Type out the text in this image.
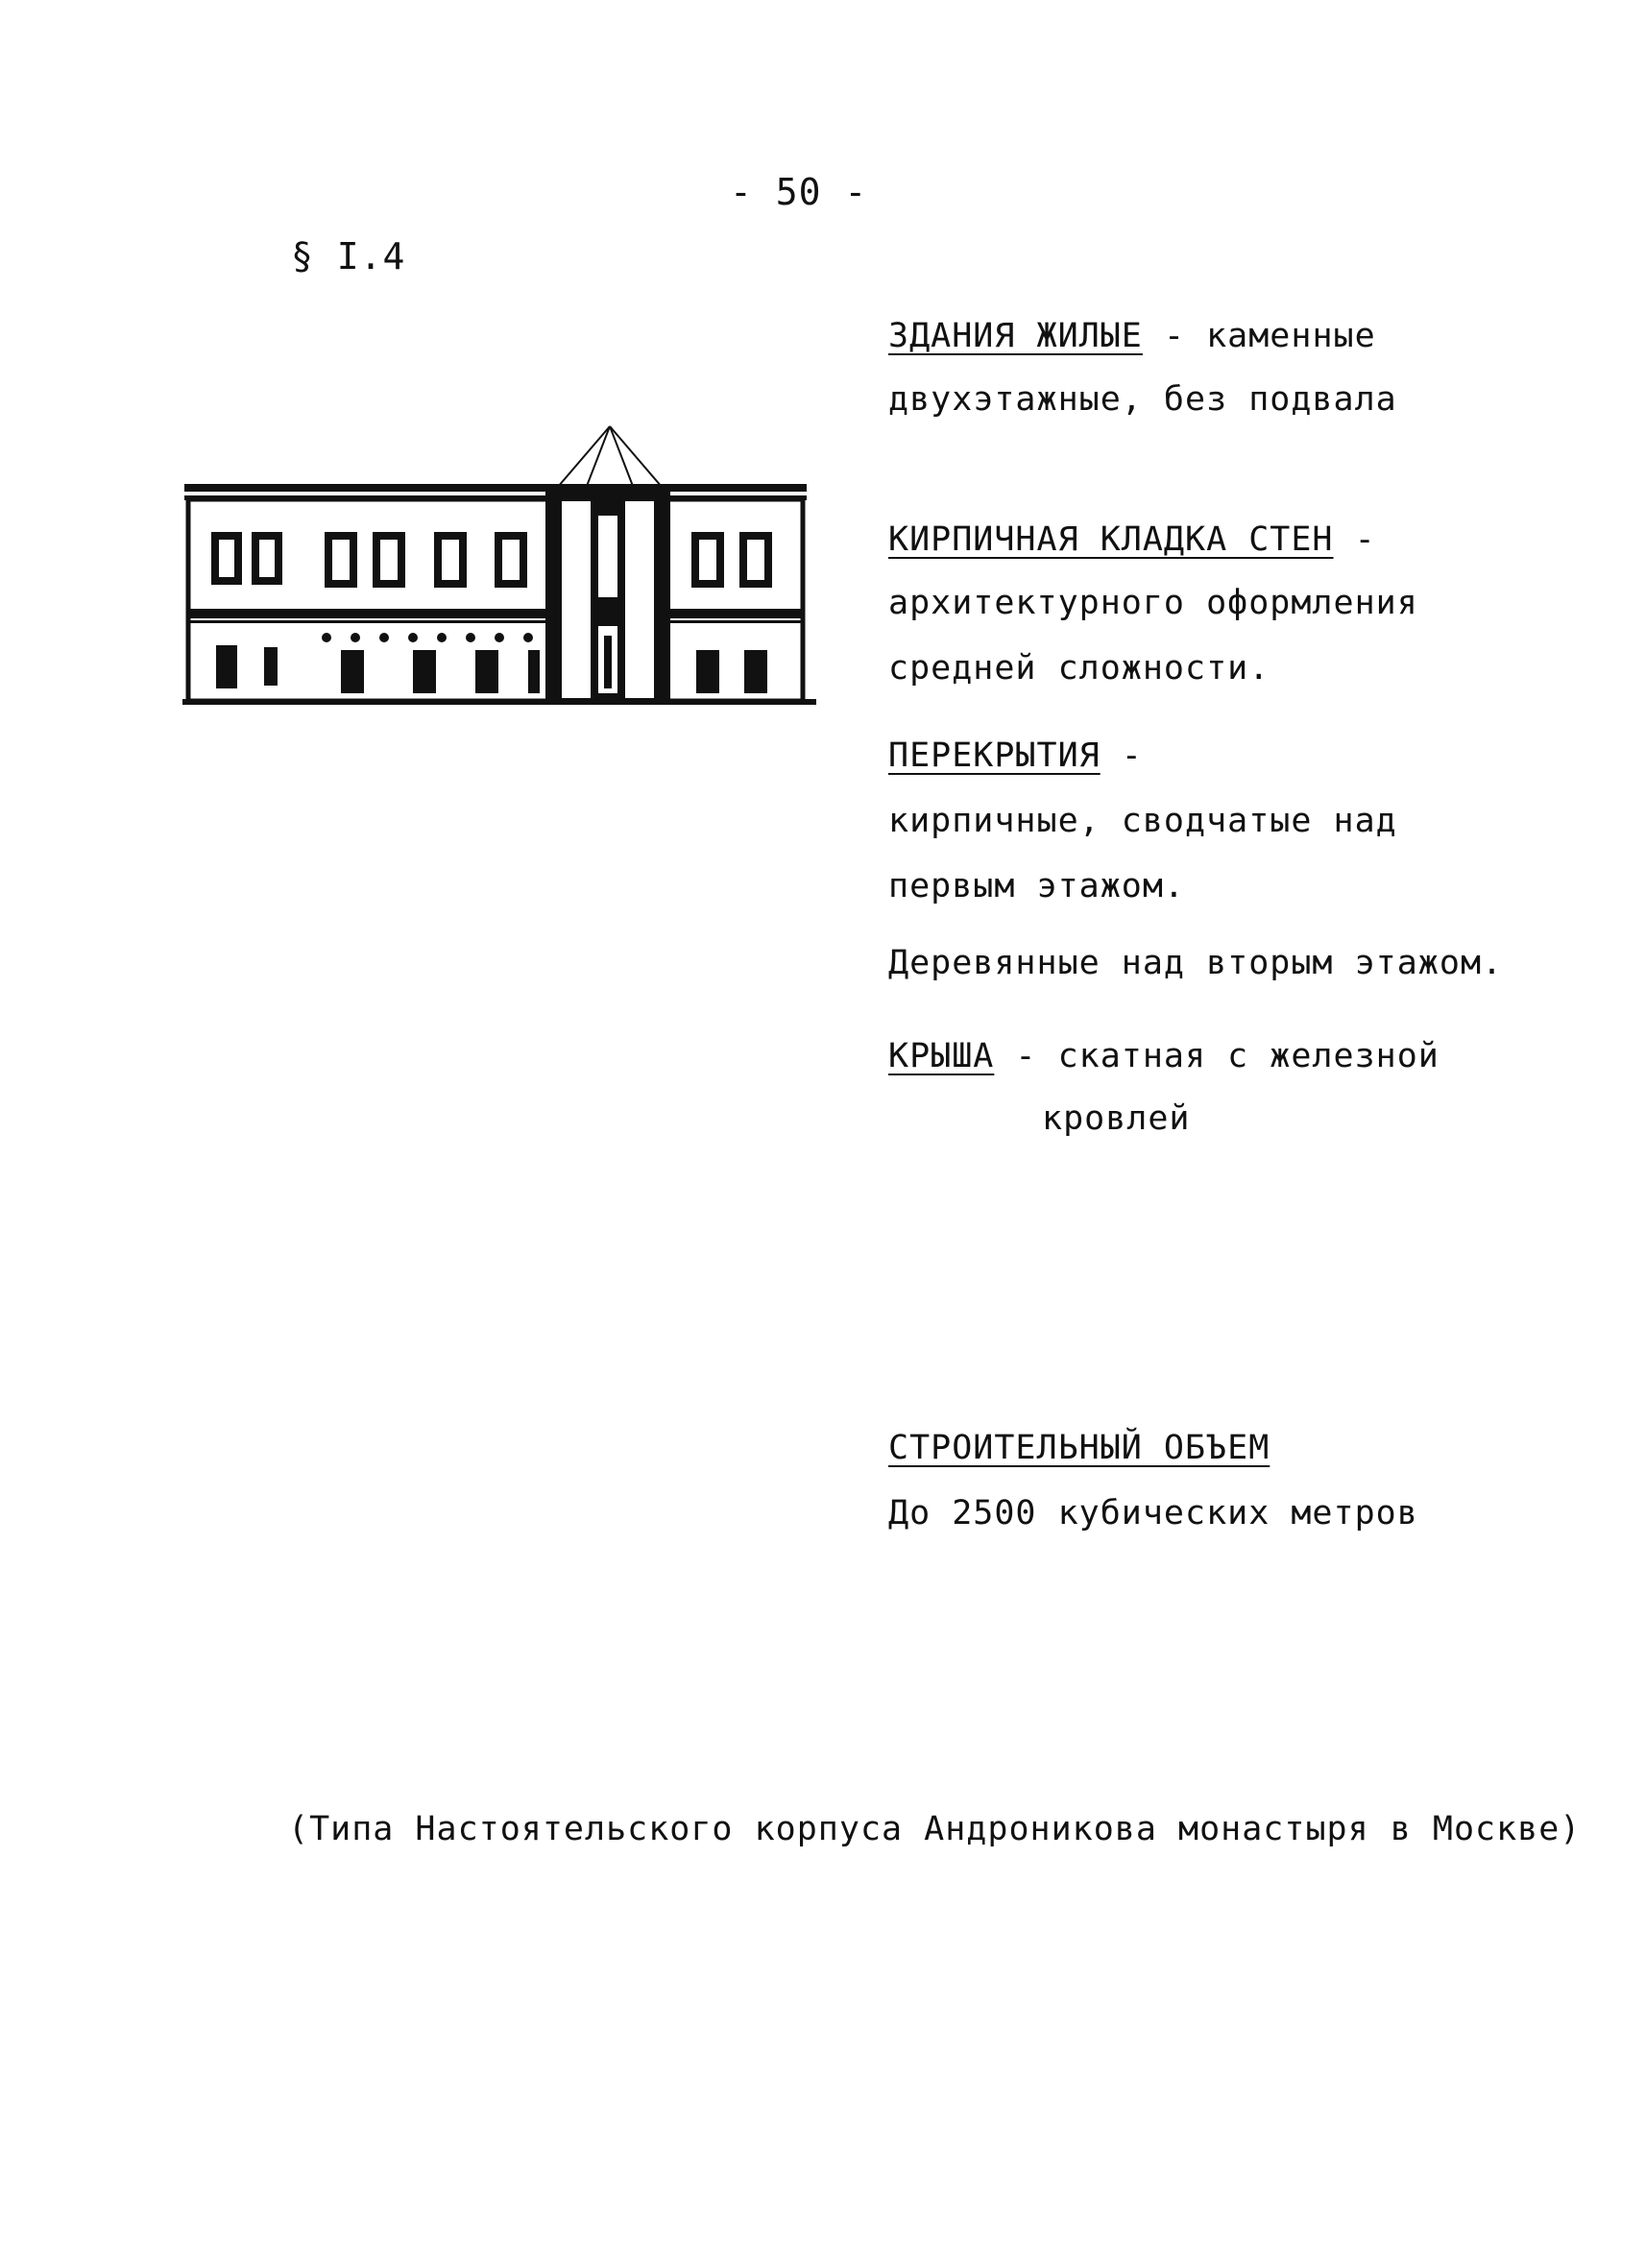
- 50 -
§ I.4
ЗДАНИЯ ЖИЛЫЕ - каменные
двухэтажные, без подвала
КИРПИЧНАЯ КЛАДКА СТЕН -
архитектурного оформления
средней сложности.
ПЕРЕКРЫТИЯ -
кирпичные, сводчатые над
первым этажом.
Деревянные над вторым этажом.
КРЫША - скатная с железной
кровлей
СТРОИТЕЛЬНЫЙ ОБЪЕМ
До 2500 кубических метров
(Типа Настоятельского корпуса Андроникова монастыря в Москве)
